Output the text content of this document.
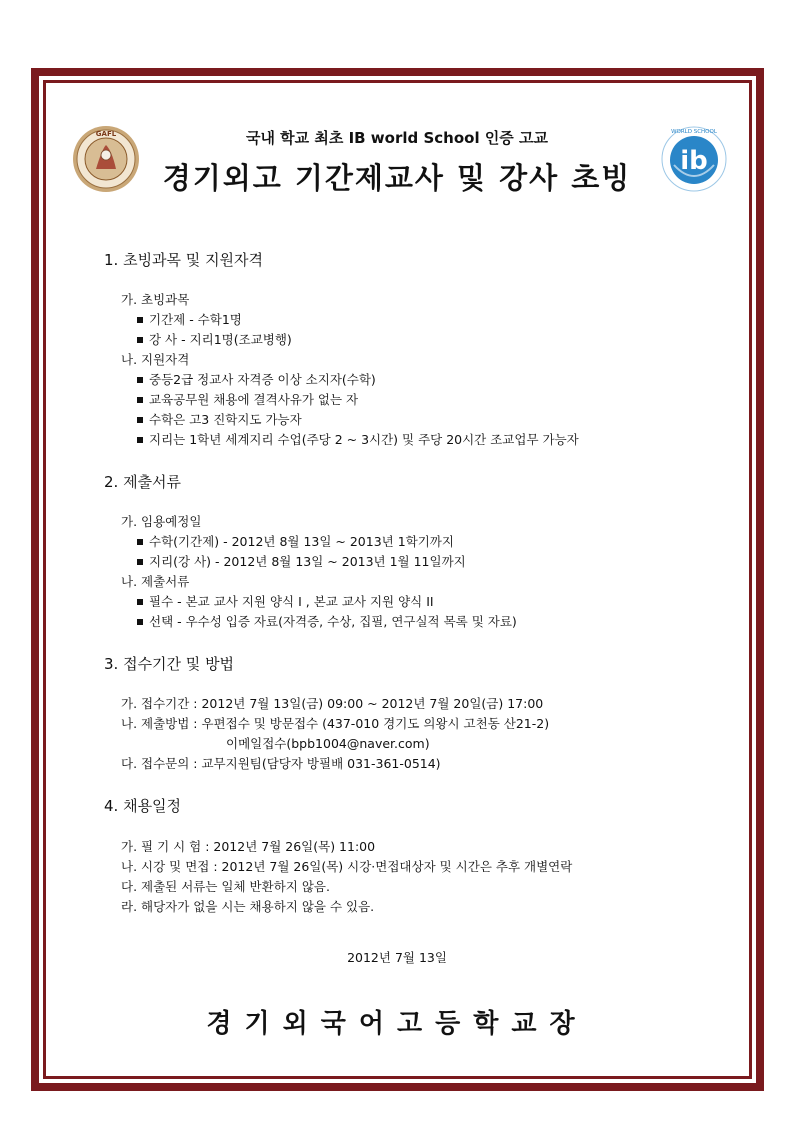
GAFL	WORLD SCHOOL
ib
국내 학교 최초 IB world School 인증 고교
경기외고 기간제교사 및 강사 초빙
1. 초빙과목 및 지원자격
가. 초빙과목
기간제 - 수학1명
강 사 - 지리1명(조교병행)
나. 지원자격
중등2급 정교사 자격증 이상 소지자(수학)
교육공무원 채용에 결격사유가 없는 자
수학은 고3 진학지도 가능자
지리는 1학년 세계지리 수업(주당 2 ~ 3시간) 및 주당 20시간 조교업무 가능자
2. 제출서류
가. 임용예정일
수학(기간제) - 2012년 8월 13일 ~ 2013년 1학기까지
지리(강 사) - 2012년 8월 13일 ~ 2013년 1월 11일까지
나. 제출서류
필수 - 본교 교사 지원 양식 I , 본교 교사 지원 양식 II
선택 - 우수성 입증 자료(자격증, 수상, 집필, 연구실적 목록 및 자료)
3. 접수기간 및 방법
가. 접수기간 : 2012년 7월 13일(금) 09:00 ~ 2012년 7월 20일(금) 17:00
나. 제출방법 : 우편접수 및 방문접수 (437-010 경기도 의왕시 고천동 산21-2)
이메일접수(bpb1004@naver.com)
다. 접수문의 : 교무지원팀(담당자 방필배 031-361-0514)
4. 채용일정
가. 필 기 시 험 : 2012년 7월 26일(목) 11:00
나. 시강 및 면접 : 2012년 7월 26일(목) 시강·면접대상자 및 시간은 추후 개별연락
다. 제출된 서류는 일체 반환하지 않음.
라. 해당자가 없을 시는 채용하지 않을 수 있음.
2012년 7월 13일
경기외국어고등학교장
